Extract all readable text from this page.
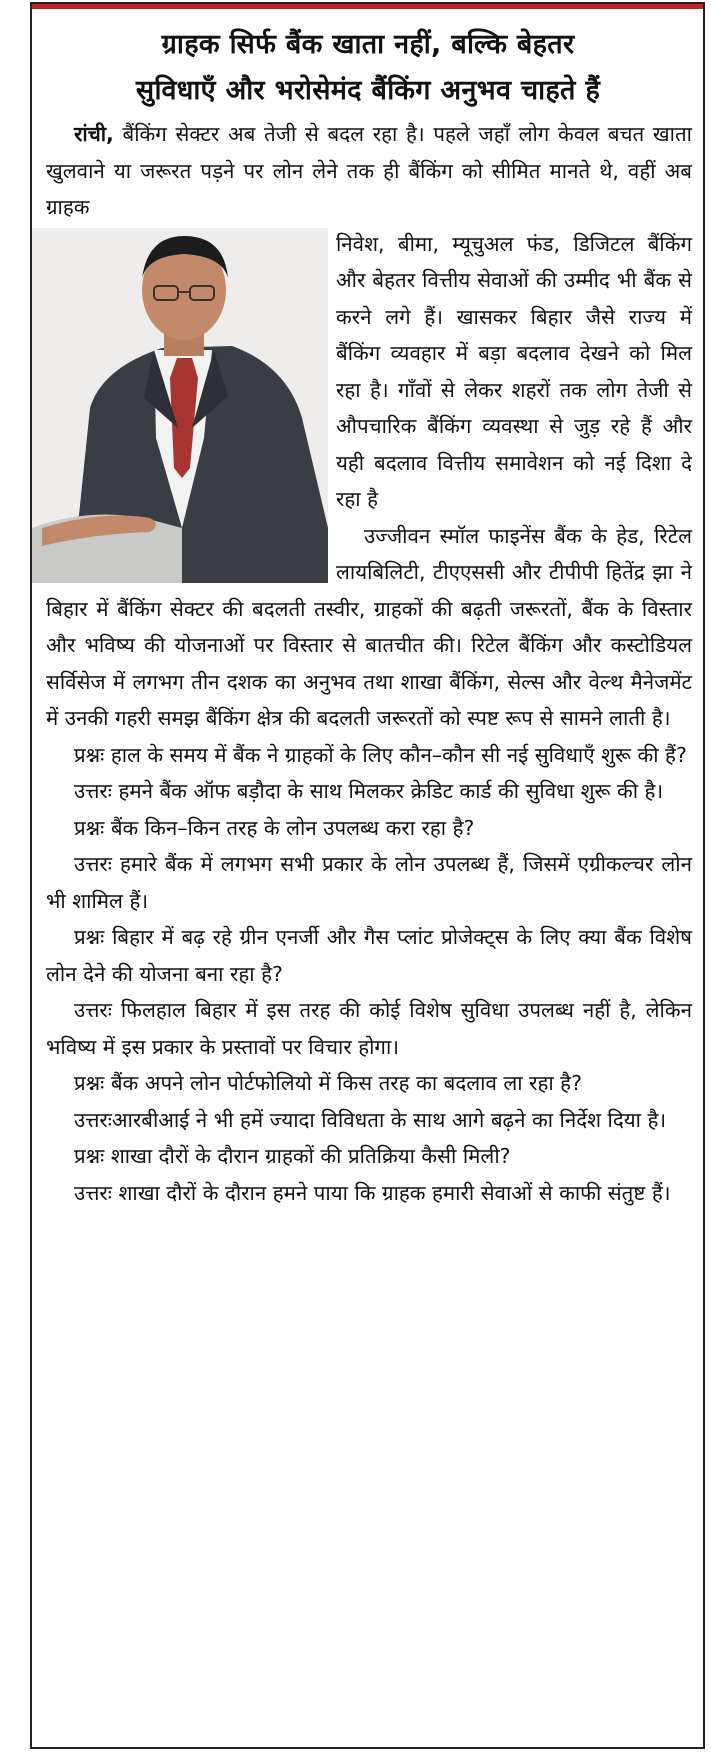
ग्राहक सिर्फ बैंक खाता नहीं, बल्कि बेहतर
सुविधाएँ और भरोसेमंद बैंकिंग अनुभव चाहते हैं

रांची, बैंकिंग सेक्टर अब तेजी से बदल रहा है। पहले जहाँ लोग केवल बचत खाता खुलवाने या जरूरत पड़ने पर लोन लेने तक ही बैंकिंग को सीमित मानते थे, वहीं अब ग्राहक

निवेश, बीमा, म्यूचुअल फंड, डिजिटल बैंकिंग और बेहतर वित्तीय सेवाओं की उम्मीद भी बैंक से करने लगे हैं। खासकर बिहार जैसे राज्य में बैंकिंग व्यवहार में बड़ा बदलाव देखने को मिल रहा है। गाँवों से लेकर शहरों तक लोग तेजी से औपचारिक बैंकिंग व्यवस्था से जुड़ रहे हैं और यही बदलाव वित्तीय समावेशन को नई दिशा दे रहा है

उज्जीवन स्मॉल फाइनेंस बैंक के हेड, रिटेल लायबिलिटी, टीएएससी और टीपीपी हितेंद्र झा ने बिहार में बैंकिंग सेक्टर की बदलती तस्वीर, ग्राहकों की बढ़ती जरूरतों, बैंक के विस्तार और भविष्य की योजनाओं पर विस्तार से बातचीत की। रिटेल बैंकिंग और कस्टोडियल सर्विसेज में लगभग तीन दशक का अनुभव तथा शाखा बैंकिंग, सेल्स और वेल्थ मैनेजमेंट में उनकी गहरी समझ बैंकिंग क्षेत्र की बदलती जरूरतों को स्पष्ट रूप से सामने लाती है।

प्रश्नः हाल के समय में बैंक ने ग्राहकों के लिए कौन–कौन सी नई सुविधाएँ शुरू की हैं?

उत्तरः हमने बैंक ऑफ बड़ौदा के साथ मिलकर क्रेडिट कार्ड की सुविधा शुरू की है।

प्रश्नः बैंक किन–किन तरह के लोन उपलब्ध करा रहा है?

उत्तरः हमारे बैंक में लगभग सभी प्रकार के लोन उपलब्ध हैं, जिसमें एग्रीकल्चर लोन भी शामिल हैं।

प्रश्नः बिहार में बढ़ रहे ग्रीन एनर्जी और गैस प्लांट प्रोजेक्ट्स के लिए क्या बैंक विशेष लोन देने की योजना बना रहा है?

उत्तरः फिलहाल बिहार में इस तरह की कोई विशेष सुविधा उपलब्ध नहीं है, लेकिन भविष्य में इस प्रकार के प्रस्तावों पर विचार होगा।

प्रश्नः बैंक अपने लोन पोर्टफोलियो में किस तरह का बदलाव ला रहा है?

उत्तरःआरबीआई ने भी हमें ज्यादा विविधता के साथ आगे बढ़ने का निर्देश दिया है।

प्रश्नः शाखा दौरों के दौरान ग्राहकों की प्रतिक्रिया कैसी मिली?

उत्तरः शाखा दौरों के दौरान हमने पाया कि ग्राहक हमारी सेवाओं से काफी संतुष्ट हैं।
